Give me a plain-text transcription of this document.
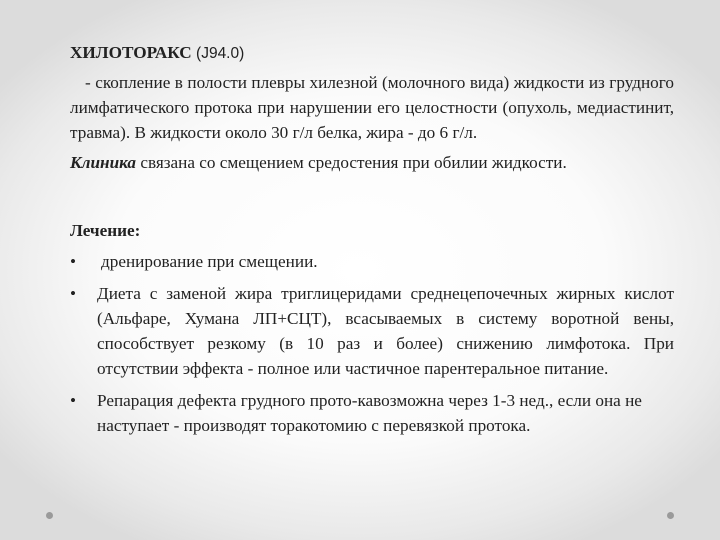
ХИЛОТОРАКС (J94.0)

- скопление в полости плевры хилезной (молочного вида) жидкости из грудного лимфатического протока при нарушении его целостности (опухоль, медиастинит, травма). В жидкости около 30 г/л белка, жира - до 6 г/л.

Клиника связана со смещением средостения при обилии жидкости.

Лечение:

• дренирование при смещении.
• Диета с заменой жира триглицеридами среднецепочечных жирных кислот (Альфаре, Хумана ЛП+СЦТ), всасываемых в систему воротной вены, способствует резкому (в 10 раз и более) снижению лимфотока. При отсутствии эффекта - полное или частичное парентеральное питание.
• Репарация дефекта грудного прото-кавозможна через 1-3 нед., если она не наступает - производят торакотомию с перевязкой протока.
